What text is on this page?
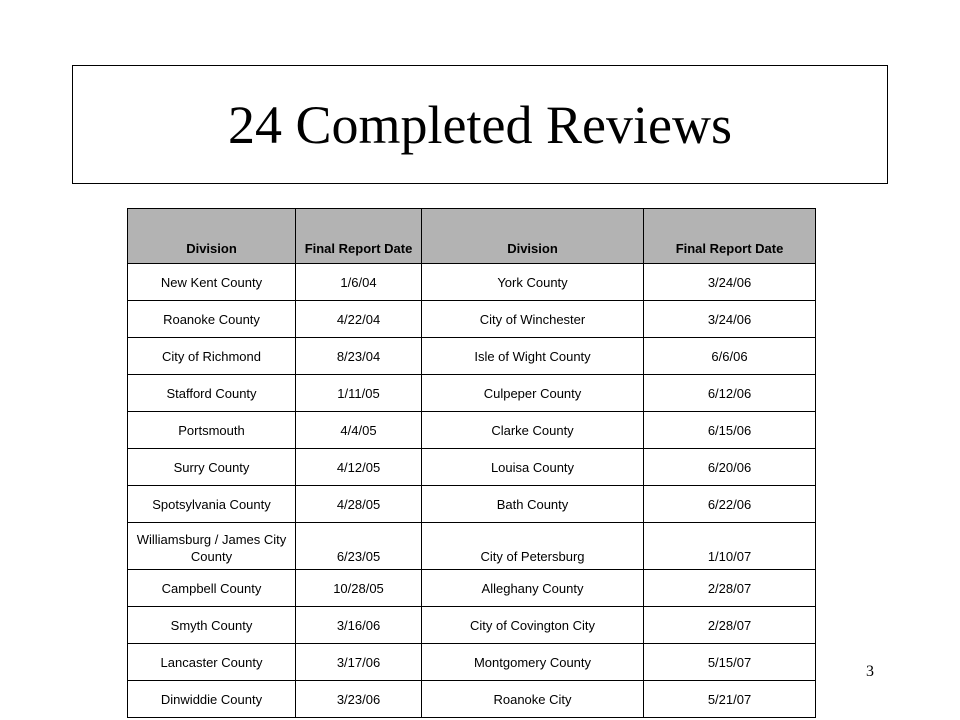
24 Completed Reviews
Division	Final Report Date	Division	Final Report Date
New Kent County	1/6/04	York County	3/24/06
Roanoke County	4/22/04	City of Winchester	3/24/06
City of Richmond	8/23/04	Isle of Wight County	6/6/06
Stafford County	1/11/05	Culpeper County	6/12/06
Portsmouth	4/4/05	Clarke County	6/15/06
Surry County	4/12/05	Louisa County	6/20/06
Spotsylvania County	4/28/05	Bath County	6/22/06
Williamsburg / James City County	6/23/05	City of Petersburg	1/10/07
Campbell County	10/28/05	Alleghany County	2/28/07
Smyth County	3/16/06	City of Covington City	2/28/07
Lancaster County	3/17/06	Montgomery County	5/15/07
Dinwiddie County	3/23/06	Roanoke City	5/21/07
3
